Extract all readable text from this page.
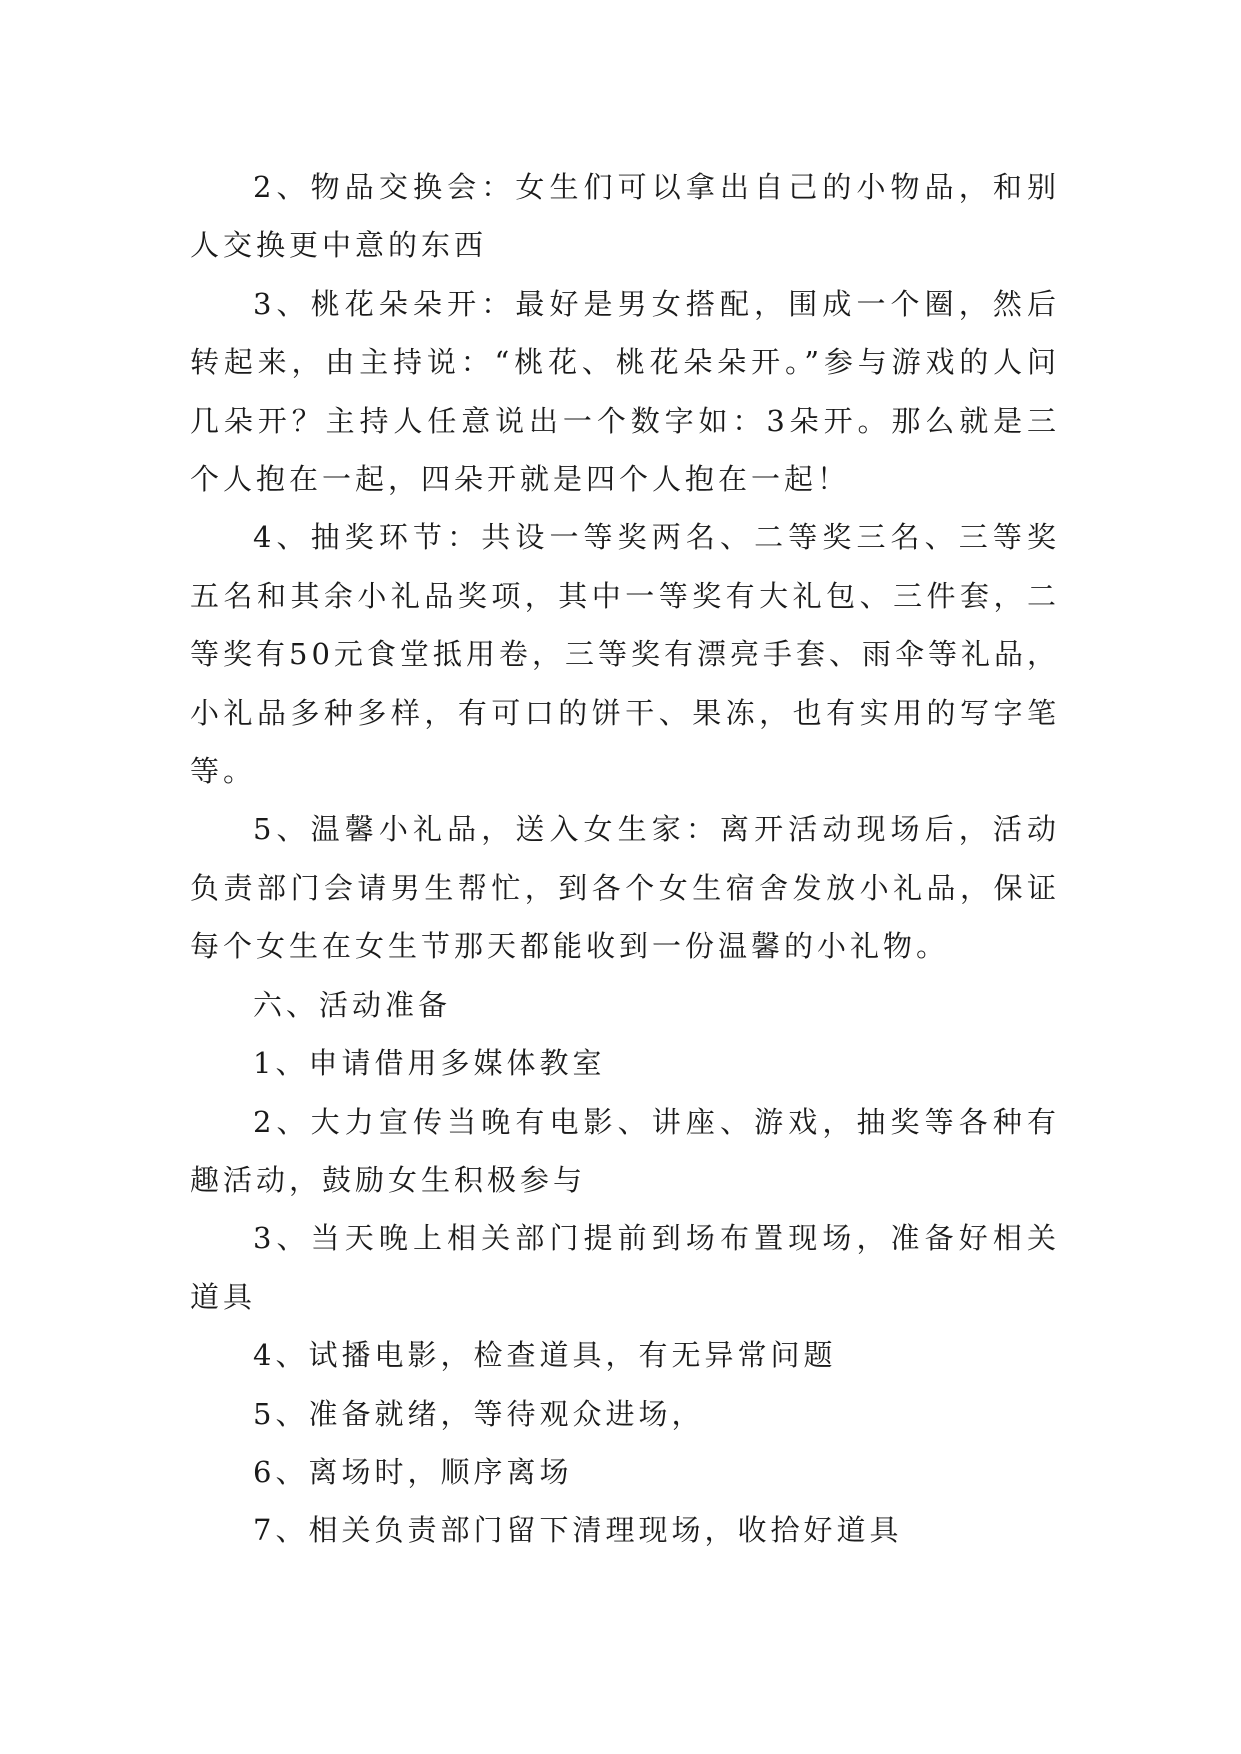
2、物品交换会：女生们可以拿出自己的小物品，和别人交换更中意的东西

3、桃花朵朵开：最好是男女搭配，围成一个圈，然后转起来，由主持说：“桃花、桃花朵朵开。”参与游戏的人问几朵开？主持人任意说出一个数字如：3朵开。那么就是三个人抱在一起，四朵开就是四个人抱在一起！

4、抽奖环节：共设一等奖两名、二等奖三名、三等奖五名和其余小礼品奖项，其中一等奖有大礼包、三件套，二等奖有50元食堂抵用卷，三等奖有漂亮手套、雨伞等礼品，小礼品多种多样，有可口的饼干、果冻，也有实用的写字笔等。

5、温馨小礼品，送入女生家：离开活动现场后，活动负责部门会请男生帮忙，到各个女生宿舍发放小礼品，保证每个女生在女生节那天都能收到一份温馨的小礼物。

六、活动准备

1、申请借用多媒体教室

2、大力宣传当晚有电影、讲座、游戏，抽奖等各种有趣活动，鼓励女生积极参与

3、当天晚上相关部门提前到场布置现场，准备好相关道具

4、试播电影，检查道具，有无异常问题

5、准备就绪，等待观众进场，

6、离场时，顺序离场

7、相关负责部门留下清理现场，收拾好道具
